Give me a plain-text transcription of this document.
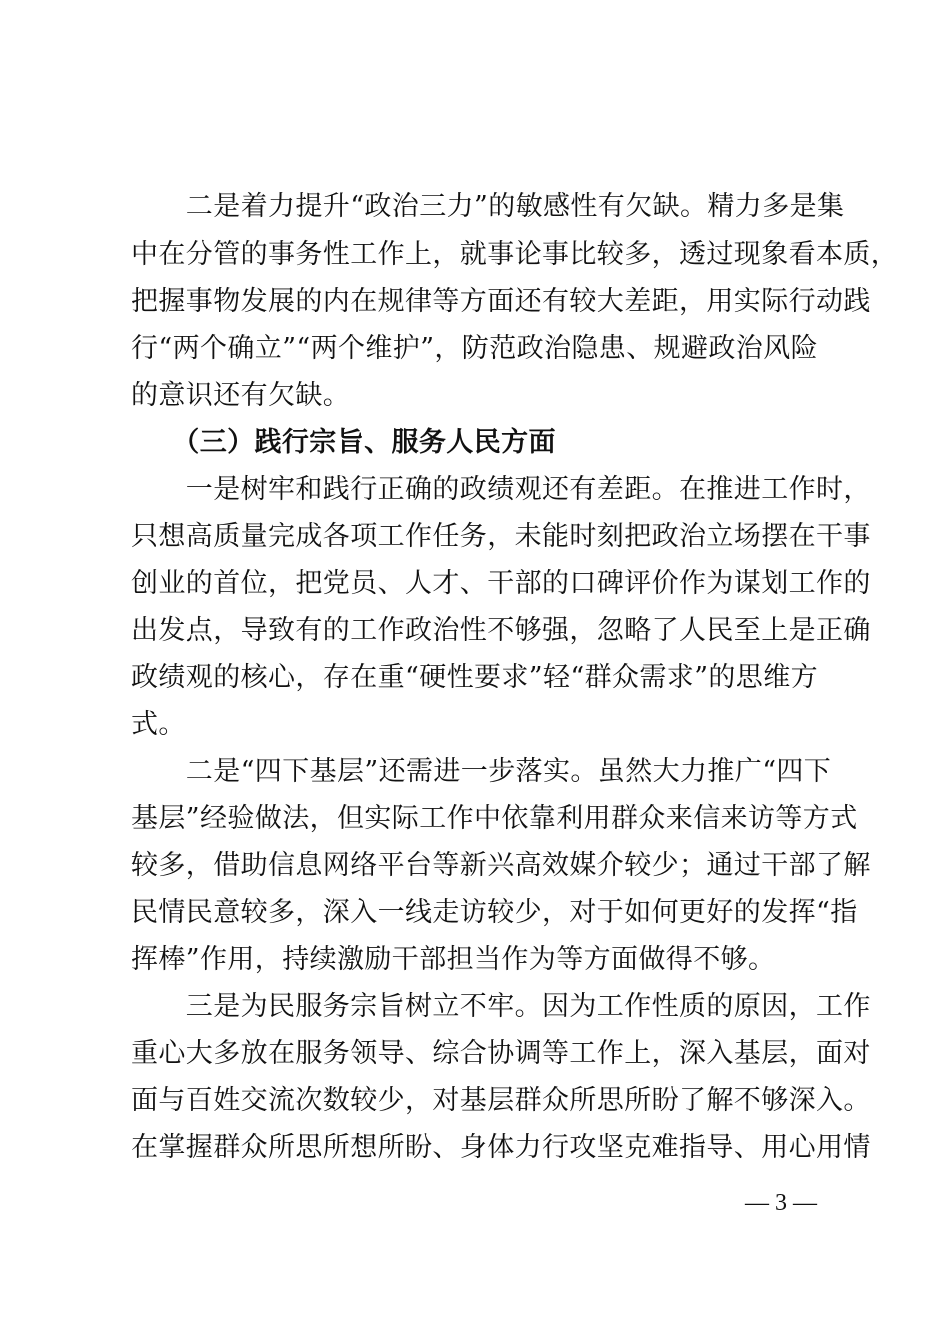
　　二是着力提升“政治三力”的敏感性有欠缺。精力多是集
中在分管的事务性工作上，就事论事比较多，透过现象看本质，
把握事物发展的内在规律等方面还有较大差距，用实际行动践
行“两个确立”“两个维护”，防范政治隐患、规避政治风险
的意识还有欠缺。
　　（三）践行宗旨、服务人民方面
　　一是树牢和践行正确的政绩观还有差距。在推进工作时，
只想高质量完成各项工作任务，未能时刻把政治立场摆在干事
创业的首位，把党员、人才、干部的口碑评价作为谋划工作的
出发点，导致有的工作政治性不够强，忽略了人民至上是正确
政绩观的核心，存在重“硬性要求”轻“群众需求”的思维方
式。
　　二是“四下基层”还需进一步落实。虽然大力推广“四下
基层”经验做法，但实际工作中依靠利用群众来信来访等方式
较多，借助信息网络平台等新兴高效媒介较少；通过干部了解
民情民意较多，深入一线走访较少，对于如何更好的发挥“指
挥棒”作用，持续激励干部担当作为等方面做得不够。
　　三是为民服务宗旨树立不牢。因为工作性质的原因，工作
重心大多放在服务领导、综合协调等工作上，深入基层，面对
面与百姓交流次数较少，对基层群众所思所盼了解不够深入。
在掌握群众所思所想所盼、身体力行攻坚克难指导、用心用情
— 3 —
